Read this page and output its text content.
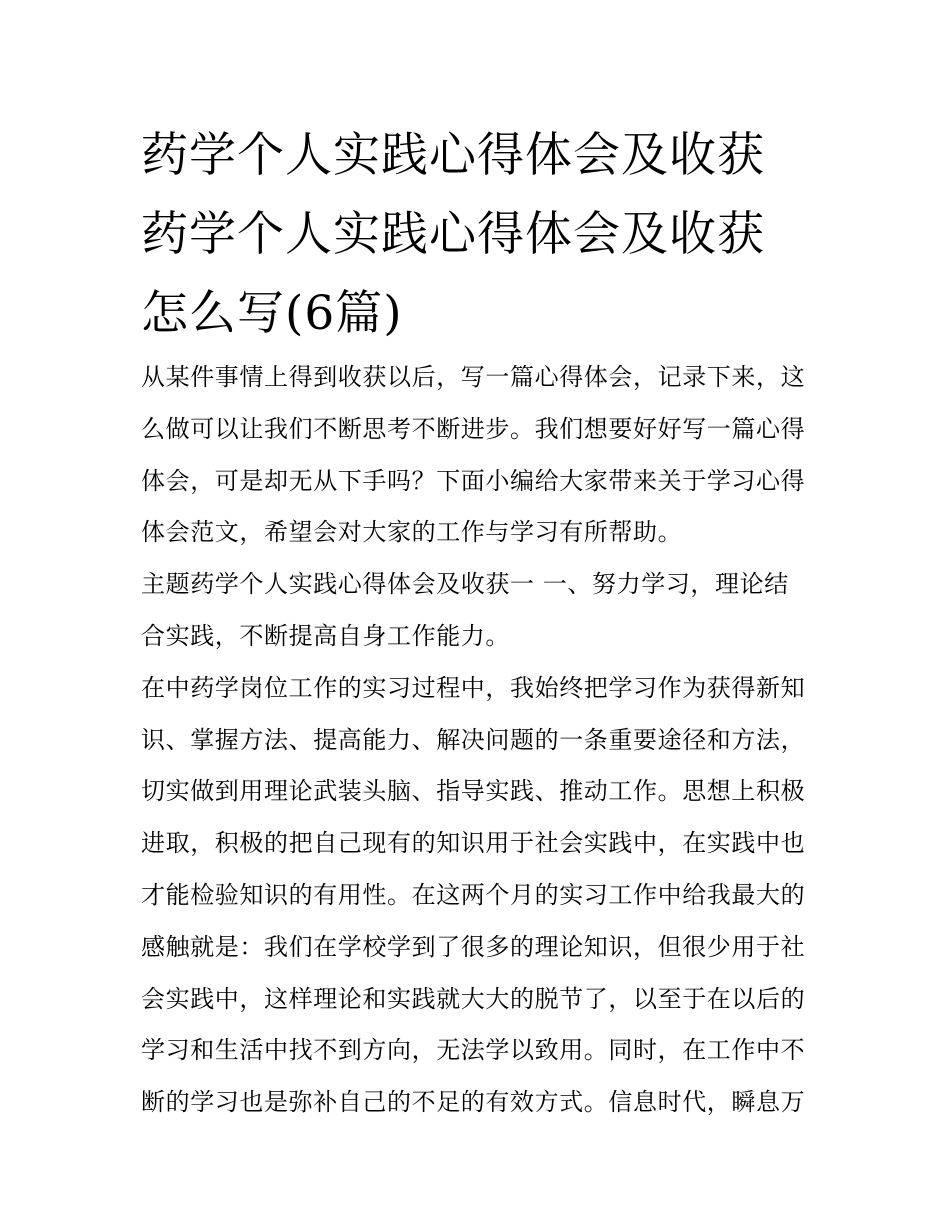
药学个人实践心得体会及收获
药学个人实践心得体会及收获
怎么写(6篇)

从某件事情上得到收获以后，写一篇心得体会，记录下来，这
么做可以让我们不断思考不断进步。我们想要好好写一篇心得
体会，可是却无从下手吗？下面小编给大家带来关于学习心得
体会范文，希望会对大家的工作与学习有所帮助。

主题药学个人实践心得体会及收获一 一、努力学习，理论结
合实践，不断提高自身工作能力。

在中药学岗位工作的实习过程中，我始终把学习作为获得新知
识、掌握方法、提高能力、解决问题的一条重要途径和方法，
切实做到用理论武装头脑、指导实践、推动工作。思想上积极
进取，积极的把自己现有的知识用于社会实践中，在实践中也
才能检验知识的有用性。在这两个月的实习工作中给我最大的
感触就是：我们在学校学到了很多的理论知识，但很少用于社
会实践中，这样理论和实践就大大的脱节了，以至于在以后的
学习和生活中找不到方向，无法学以致用。同时，在工作中不
断的学习也是弥补自己的不足的有效方式。信息时代，瞬息万
